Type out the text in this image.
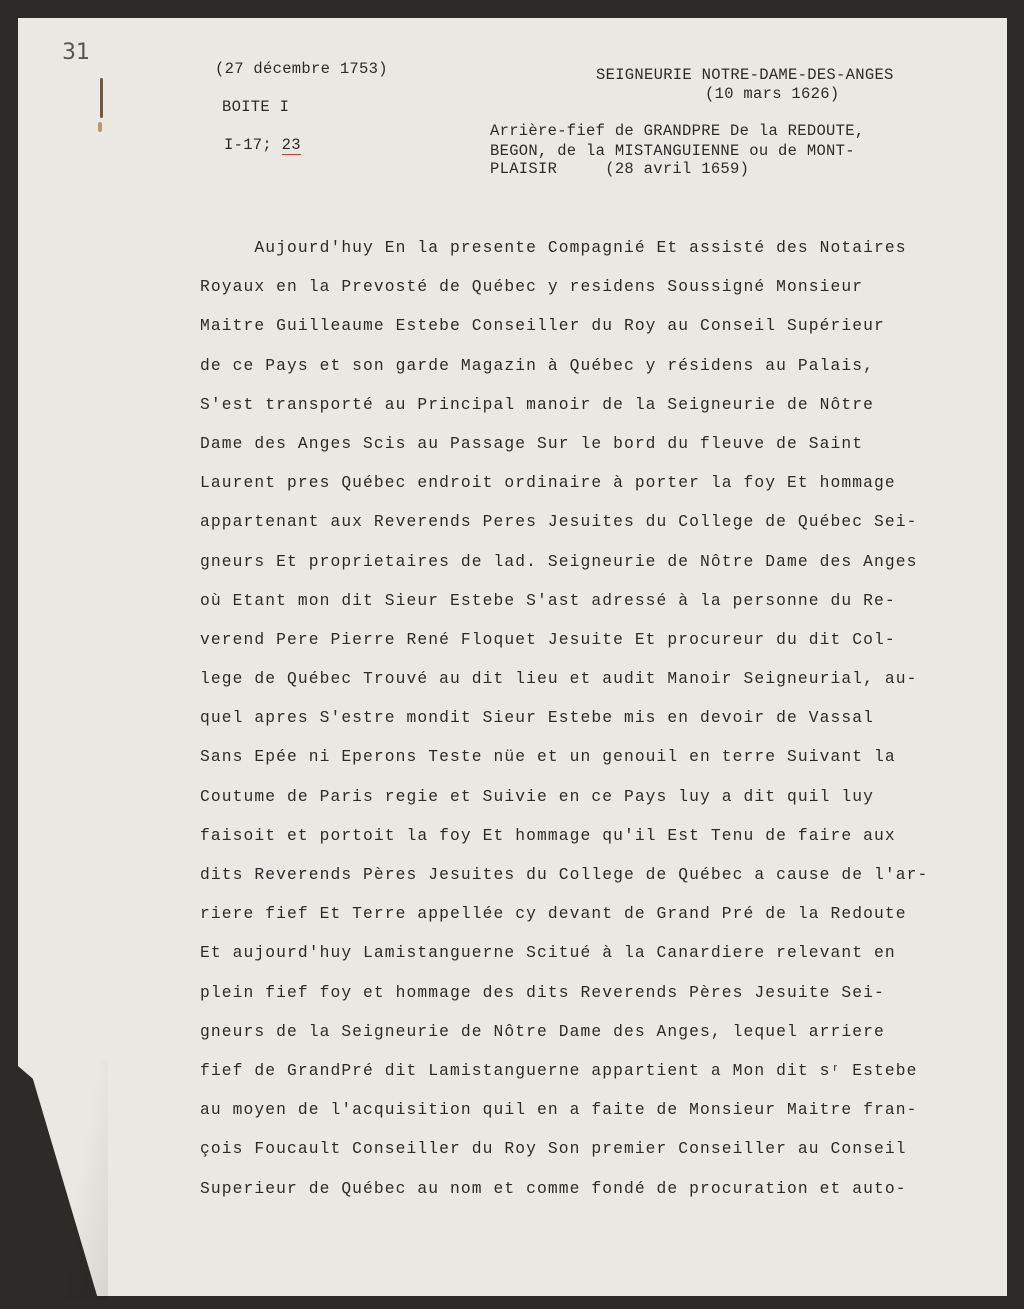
31
(27 décembre 1753)
BOITE I
I-17; 23
SEIGNEURIE NOTRE-DAME-DES-ANGES
(10 mars 1626)
Arrière-fief de GRANDPRE De la REDOUTE,
BEGON, de la MISTANGUIENNE ou de MONT-
PLAISIR     (28 avril 1659)
Aujourd'huy En la presente Compagnié Et assisté des Notaires
Royaux en la Prevosté de Québec y residens Soussigné Monsieur
Maitre Guilleaume Estebe Conseiller du Roy au Conseil Supérieur
de ce Pays et son garde Magazin à Québec y résidens au Palais,
S'est transporté au Principal manoir de la Seigneurie de Nôtre
Dame des Anges Scis au Passage Sur le bord du fleuve de Saint
Laurent pres Québec endroit ordinaire à porter la foy Et hommage
appartenant aux Reverends Peres Jesuites du College de Québec Sei-
gneurs Et proprietaires de lad. Seigneurie de Nôtre Dame des Anges
où Etant mon dit Sieur Estebe S'ast adressé à la personne du Re-
verend Pere Pierre René Floquet Jesuite Et procureur du dit Col-
lege de Québec Trouvé au dit lieu et audit Manoir Seigneurial, au-
quel apres S'estre mondit Sieur Estebe mis en devoir de Vassal
Sans Epée ni Eperons Teste nüe et un genouil en terre Suivant la
Coutume de Paris regie et Suivie en ce Pays luy a dit quil luy
faisoit et portoit la foy Et hommage qu'il Est Tenu de faire aux
dits Reverends Pères Jesuites du College de Québec a cause de l'ar-
riere fief Et Terre appellée cy devant de Grand Pré de la Redoute
Et aujourd'huy Lamistanguerne Scitué à la Canardiere relevant en
plein fief foy et hommage des dits Reverends Pères Jesuite Sei-
gneurs de la Seigneurie de Nôtre Dame des Anges, lequel arriere
fief de GrandPré dit Lamistanguerne appartient a Mon dit sʳ Estebe
au moyen de l'acquisition quil en a faite de Monsieur Maitre fran-
çois Foucault Conseiller du Roy Son premier Conseiller au Conseil
Superieur de Québec au nom et comme fondé de procuration et auto-
